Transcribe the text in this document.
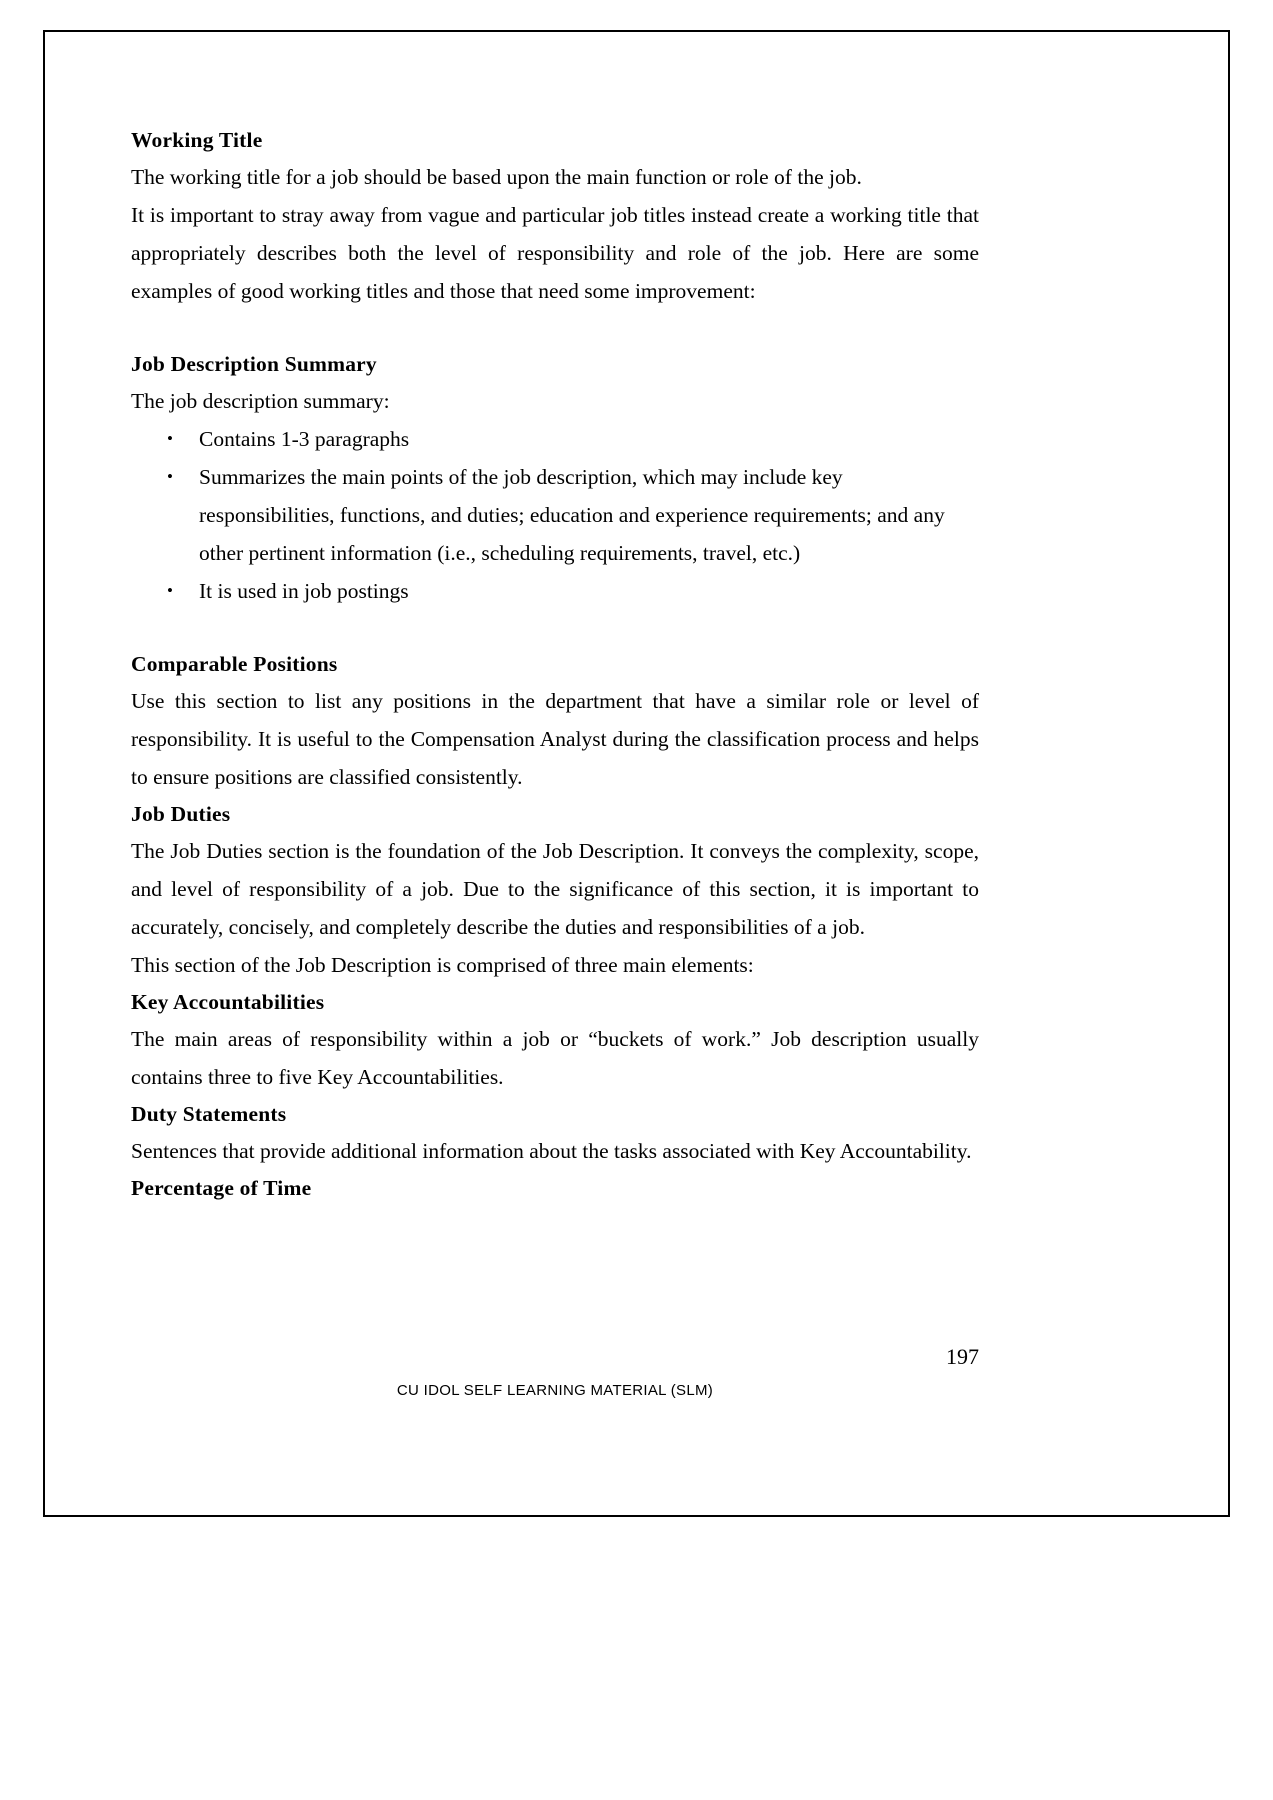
Working Title
The working title for a job should be based upon the main function or role of the job.
It is important to stray away from vague and particular job titles instead create a working title that appropriately describes both the level of responsibility and role of the job. Here are some examples of good working titles and those that need some improvement:
Job Description Summary
The job description summary:
• Contains 1-3 paragraphs
• Summarizes the main points of the job description, which may include key responsibilities, functions, and duties; education and experience requirements; and any other pertinent information (i.e., scheduling requirements, travel, etc.)
• It is used in job postings
Comparable Positions
Use this section to list any positions in the department that have a similar role or level of responsibility. It is useful to the Compensation Analyst during the classification process and helps to ensure positions are classified consistently.
Job Duties
The Job Duties section is the foundation of the Job Description. It conveys the complexity, scope, and level of responsibility of a job. Due to the significance of this section, it is important to accurately, concisely, and completely describe the duties and responsibilities of a job.
This section of the Job Description is comprised of three main elements:
Key Accountabilities
The main areas of responsibility within a job or “buckets of work.” Job description usually contains three to five Key Accountabilities.
Duty Statements
Sentences that provide additional information about the tasks associated with Key Accountability.
Percentage of Time
197
CU IDOL SELF LEARNING MATERIAL (SLM)
